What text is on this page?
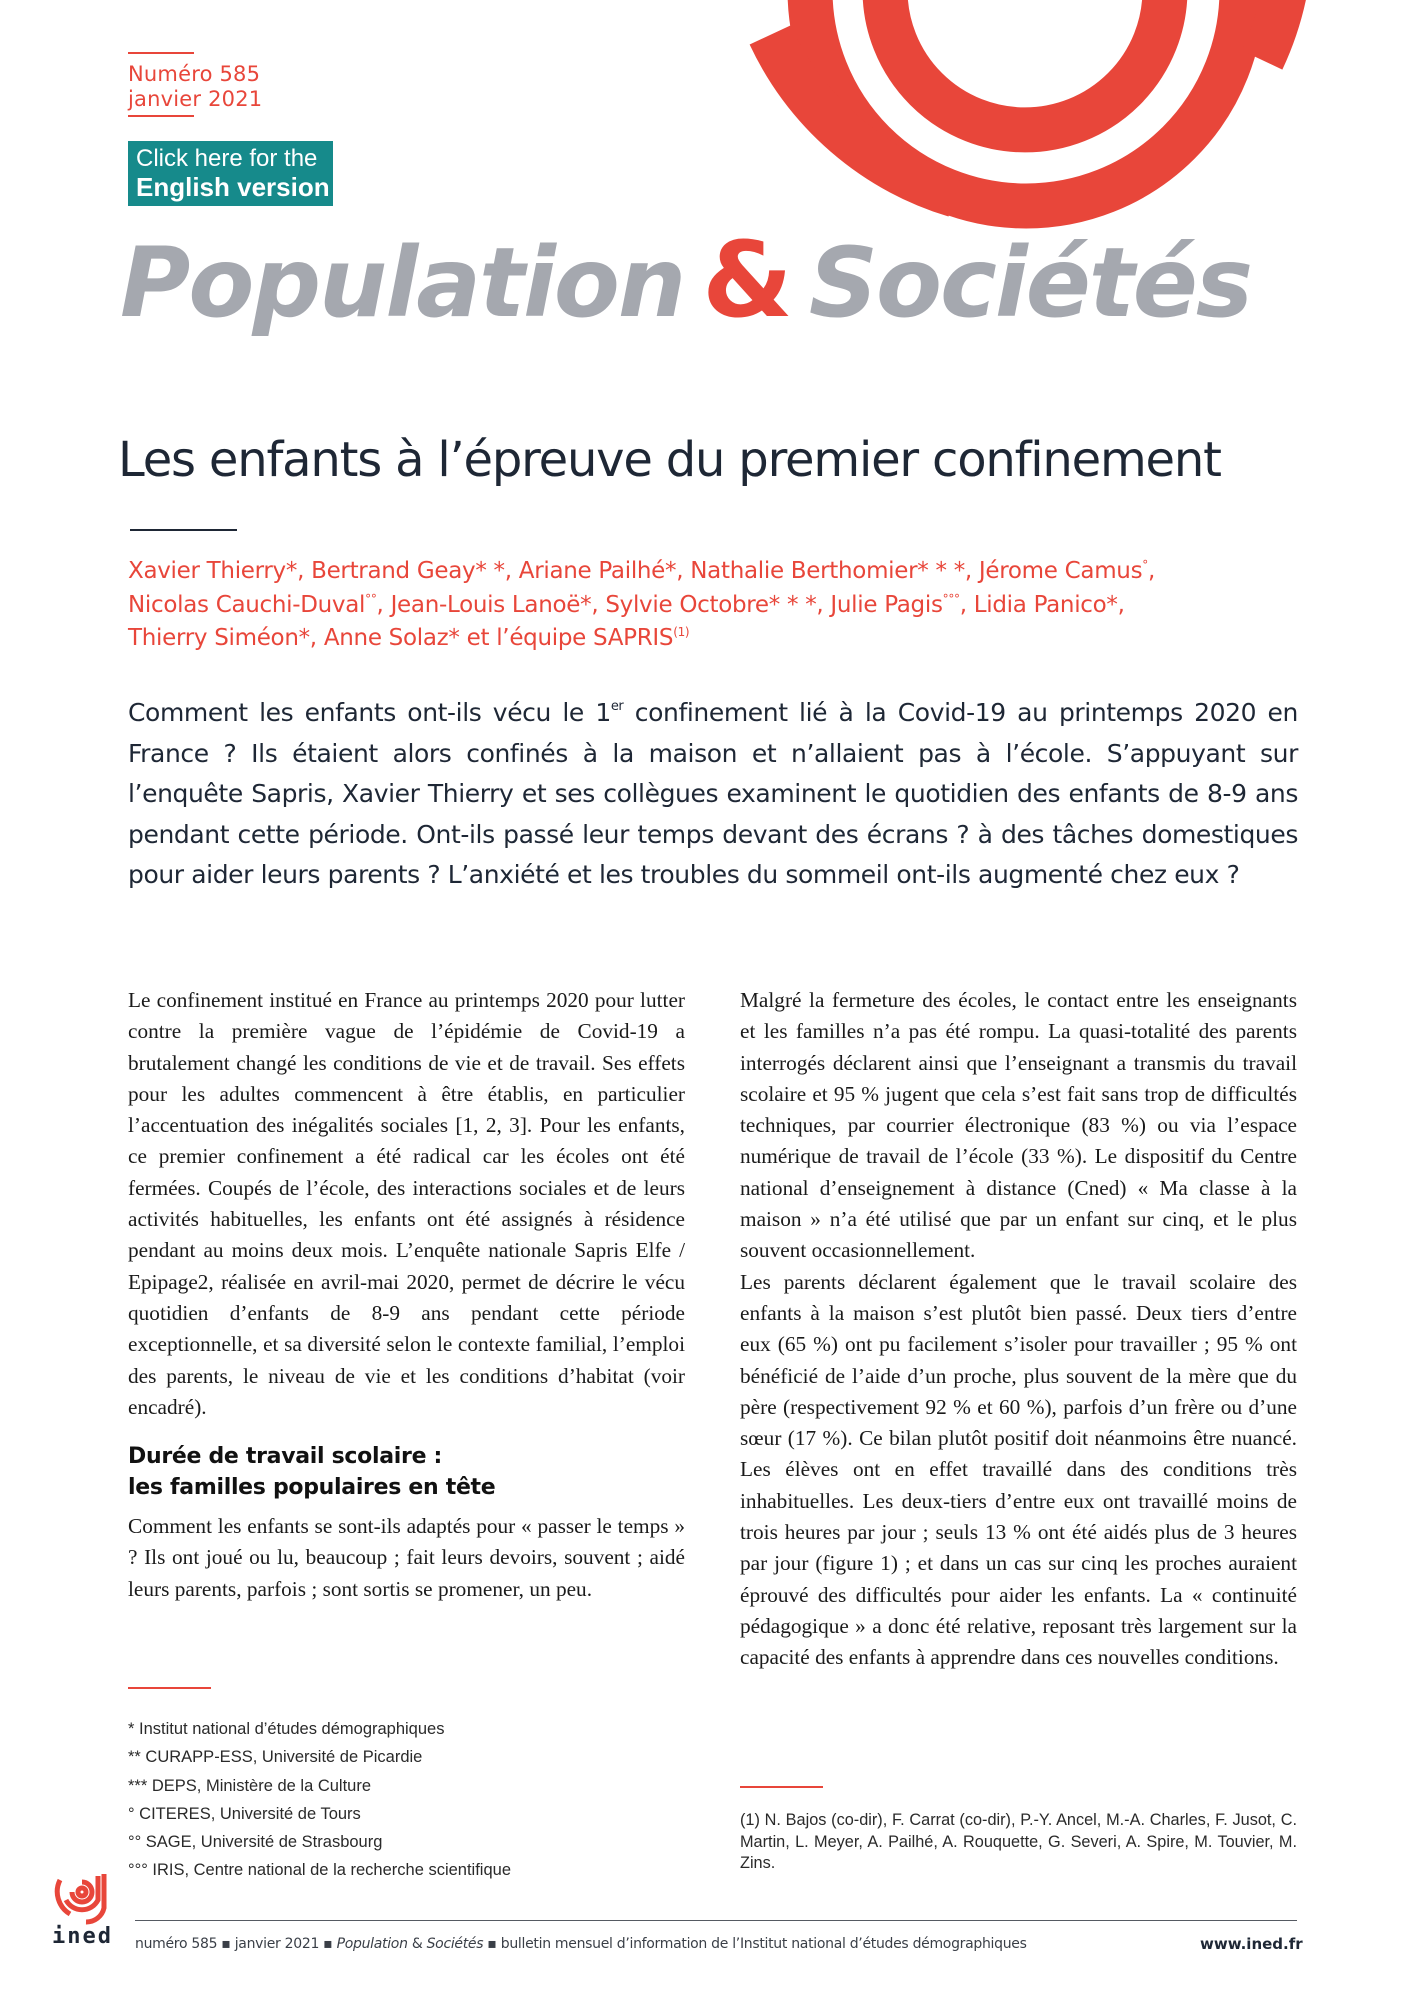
Numéro 585
janvier 2021
Click here for the
English version
Population & Sociétés
Les enfants à l’épreuve du premier confinement
Xavier Thierry*, Bertrand Geay* *, Ariane Pailhé*, Nathalie Berthomier* * *, Jérome Camus°,
Nicolas Cauchi-Duval°°, Jean-Louis Lanoë*, Sylvie Octobre* * *, Julie Pagis°°°, Lidia Panico*,
Thierry Siméon*, Anne Solaz* et l’équipe SAPRIS$^{(1)}$
Comment les enfants ont-ils vécu le 1er confinement lié à la Covid-19 au printemps 2020 en France ? Ils étaient alors confinés à la maison et n’allaient pas à l’école. S’appuyant sur l’enquête Sapris, Xavier Thierry et ses collègues examinent le quotidien des enfants de 8-9 ans pendant cette période. Ont-ils passé leur temps devant des écrans ? à des tâches domestiques pour aider leurs parents ? L’anxiété et les troubles du sommeil ont-ils augmenté chez eux ?

Le confinement institué en France au printemps 2020 pour lutter contre la première vague de l’épidémie de Covid-19 a brutalement changé les conditions de vie et de travail. Ses effets pour les adultes commencent à être établis, en particulier l’accentuation des inégalités sociales [1, 2, 3]. Pour les enfants, ce premier confinement a été radical car les écoles ont été fermées. Coupés de l’école, des interactions sociales et de leurs activités habituelles, les enfants ont été assignés à résidence pendant au moins deux mois. L’enquête nationale Sapris Elfe / Epipage2, réalisée en avril-mai 2020, permet de décrire le vécu quotidien d’enfants de 8-9 ans pendant cette période exceptionnelle, et sa diversité selon le contexte familial, l’emploi des parents, le niveau de vie et les conditions d’habitat (voir encadré).

Durée de travail scolaire :
les familles populaires en tête

Comment les enfants se sont-ils adaptés pour « passer le temps » ? Ils ont joué ou lu, beaucoup ; fait leurs devoirs, souvent ; aidé leurs parents, parfois ; sont sortis se promener, un peu.

* Institut national d’études démographiques
** CURAPP-ESS, Université de Picardie
*** DEPS, Ministère de la Culture
° CITERES, Université de Tours
°° SAGE, Université de Strasbourg
°°° IRIS, Centre national de la recherche scientifique

Malgré la fermeture des écoles, le contact entre les enseignants et les familles n’a pas été rompu. La quasi-totalité des parents interrogés déclarent ainsi que l’enseignant a transmis du travail scolaire et 95 % jugent que cela s’est fait sans trop de difficultés techniques, par courrier électronique (83 %) ou via l’espace numérique de travail de l’école (33 %). Le dispositif du Centre national d’enseignement à distance (Cned) « Ma classe à la maison » n’a été utilisé que par un enfant sur cinq, et le plus souvent occasionnellement.

Les parents déclarent également que le travail scolaire des enfants à la maison s’est plutôt bien passé. Deux tiers d’entre eux (65 %) ont pu facilement s’isoler pour travailler ; 95 % ont bénéficié de l’aide d’un proche, plus souvent de la mère que du père (respectivement 92 % et 60 %), parfois d’un frère ou d’une sœur (17 %). Ce bilan plutôt positif doit néanmoins être nuancé. Les élèves ont en effet travaillé dans des conditions très inhabituelles. Les deux-tiers d’entre eux ont travaillé moins de trois heures par jour ; seuls 13 % ont été aidés plus de 3 heures par jour (figure 1) ; et dans un cas sur cinq les proches auraient éprouvé des difficultés pour aider les enfants. La « continuité pédagogique » a donc été relative, reposant très largement sur la capacité des enfants à apprendre dans ces nouvelles conditions.

(1) N. Bajos (co-dir), F. Carrat (co-dir), P.-Y. Ancel, M.-A. Charles, F. Jusot, C. Martin, L. Meyer, A. Pailhé, A. Rouquette, G. Severi, A. Spire, M. Touvier, M. Zins.
ined numéro 585 ▪ janvier 2021 ▪ Population & Sociétés ▪ bulletin mensuel d’information de l’Institut national d’études démographiques	www.ined.fr
